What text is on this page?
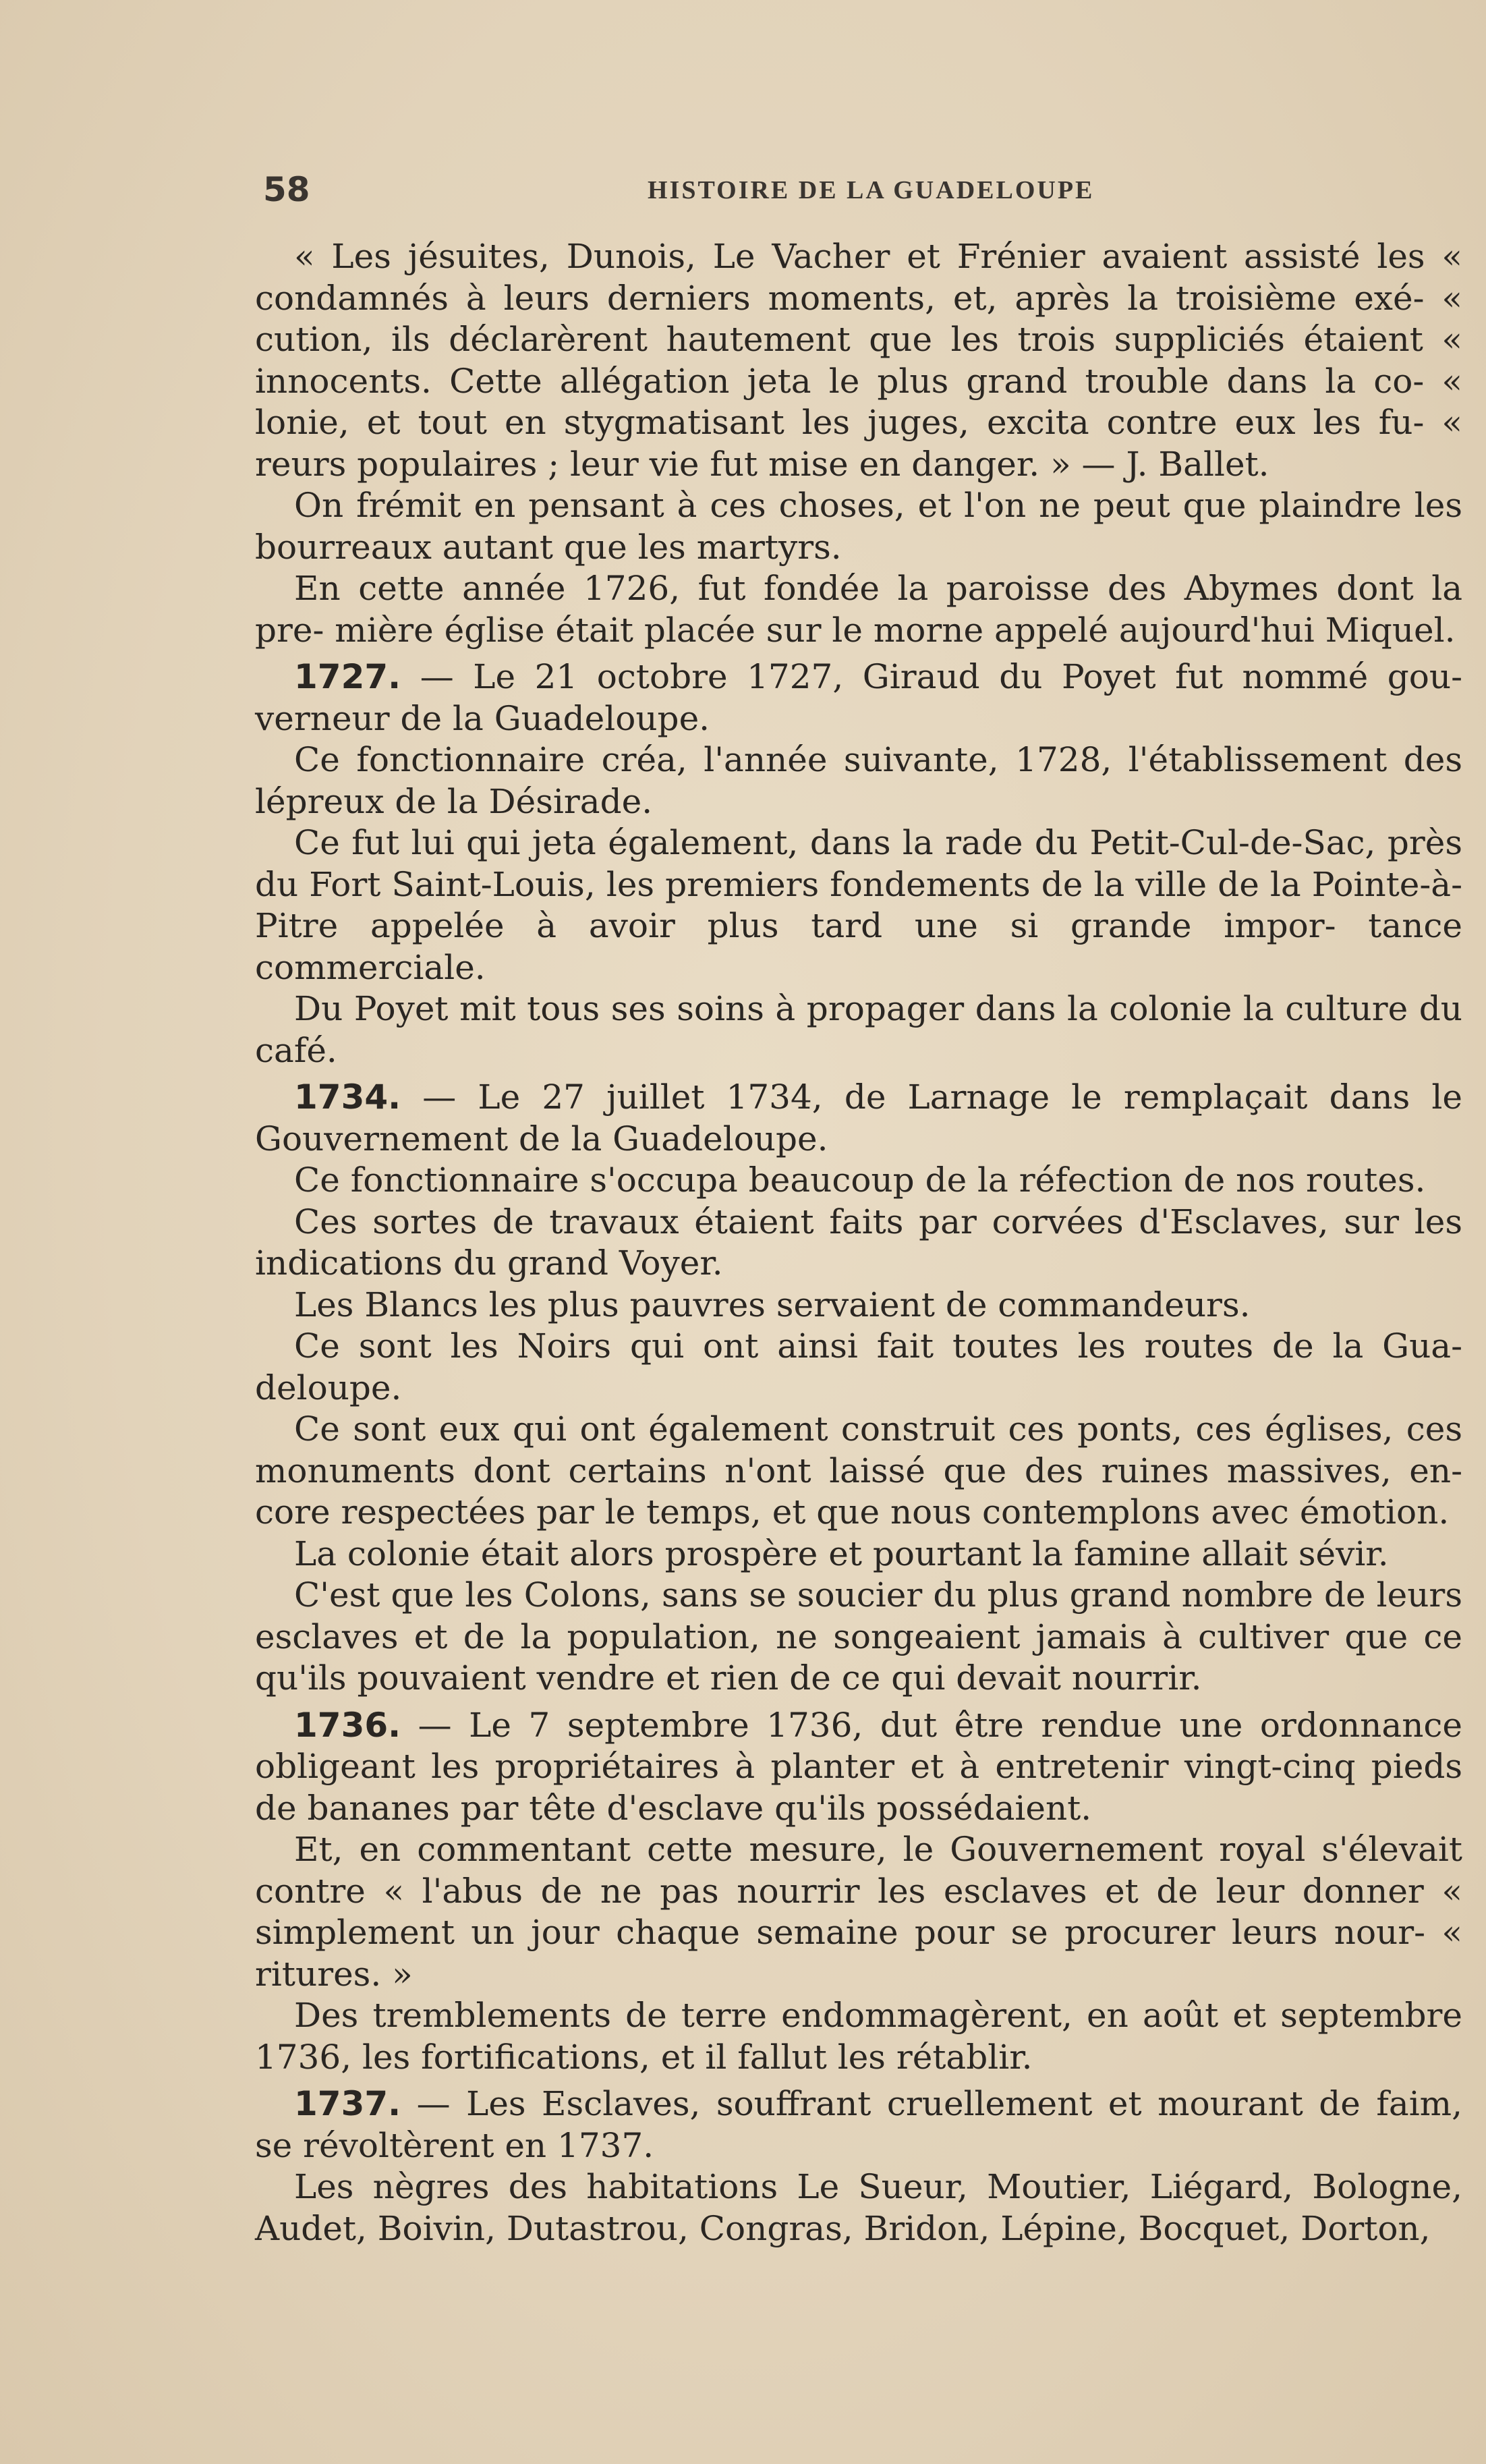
58	HISTOIRE DE LA GUADELOUPE

« Les jésuites, Dunois, Le Vacher et Frénier avaient assisté les « condamnés à leurs derniers moments, et, après la troisième exé- « cution, ils déclarèrent hautement que les trois suppliciés étaient « innocents. Cette allégation jeta le plus grand trouble dans la co- « lonie, et tout en stygmatisant les juges, excita contre eux les fu- « reurs populaires ; leur vie fut mise en danger. » — J. Ballet.

On frémit en pensant à ces choses, et l'on ne peut que plaindre les bourreaux autant que les martyrs.

En cette année 1726, fut fondée la paroisse des Abymes dont la pre- mière église était placée sur le morne appelé aujourd'hui Miquel.

1727. — Le 21 octobre 1727, Giraud du Poyet fut nommé gou- verneur de la Guadeloupe.

Ce fonctionnaire créa, l'année suivante, 1728, l'établissement des lépreux de la Désirade.

Ce fut lui qui jeta également, dans la rade du Petit-Cul-de-Sac, près du Fort Saint-Louis, les premiers fondements de la ville de la Pointe-à-Pitre appelée à avoir plus tard une si grande impor- tance commerciale.

Du Poyet mit tous ses soins à propager dans la colonie la culture du café.

1734. — Le 27 juillet 1734, de Larnage le remplaçait dans le Gouvernement de la Guadeloupe.

Ce fonctionnaire s'occupa beaucoup de la réfection de nos routes.

Ces sortes de travaux étaient faits par corvées d'Esclaves, sur les indications du grand Voyer.

Les Blancs les plus pauvres servaient de commandeurs.

Ce sont les Noirs qui ont ainsi fait toutes les routes de la Gua- deloupe.

Ce sont eux qui ont également construit ces ponts, ces églises, ces monuments dont certains n'ont laissé que des ruines massives, en- core respectées par le temps, et que nous contemplons avec émotion.

La colonie était alors prospère et pourtant la famine allait sévir.

C'est que les Colons, sans se soucier du plus grand nombre de leurs esclaves et de la population, ne songeaient jamais à cultiver que ce qu'ils pouvaient vendre et rien de ce qui devait nourrir.

1736. — Le 7 septembre 1736, dut être rendue une ordonnance obligeant les propriétaires à planter et à entretenir vingt-cinq pieds de bananes par tête d'esclave qu'ils possédaient.

Et, en commentant cette mesure, le Gouvernement royal s'élevait contre « l'abus de ne pas nourrir les esclaves et de leur donner « simplement un jour chaque semaine pour se procurer leurs nour- « ritures. »

Des tremblements de terre endommagèrent, en août et septembre 1736, les fortifications, et il fallut les rétablir.

1737. — Les Esclaves, souffrant cruellement et mourant de faim, se révoltèrent en 1737.

Les nègres des habitations Le Sueur, Moutier, Liégard, Bologne, Audet, Boivin, Dutastrou, Congras, Bridon, Lépine, Bocquet, Dorton,
